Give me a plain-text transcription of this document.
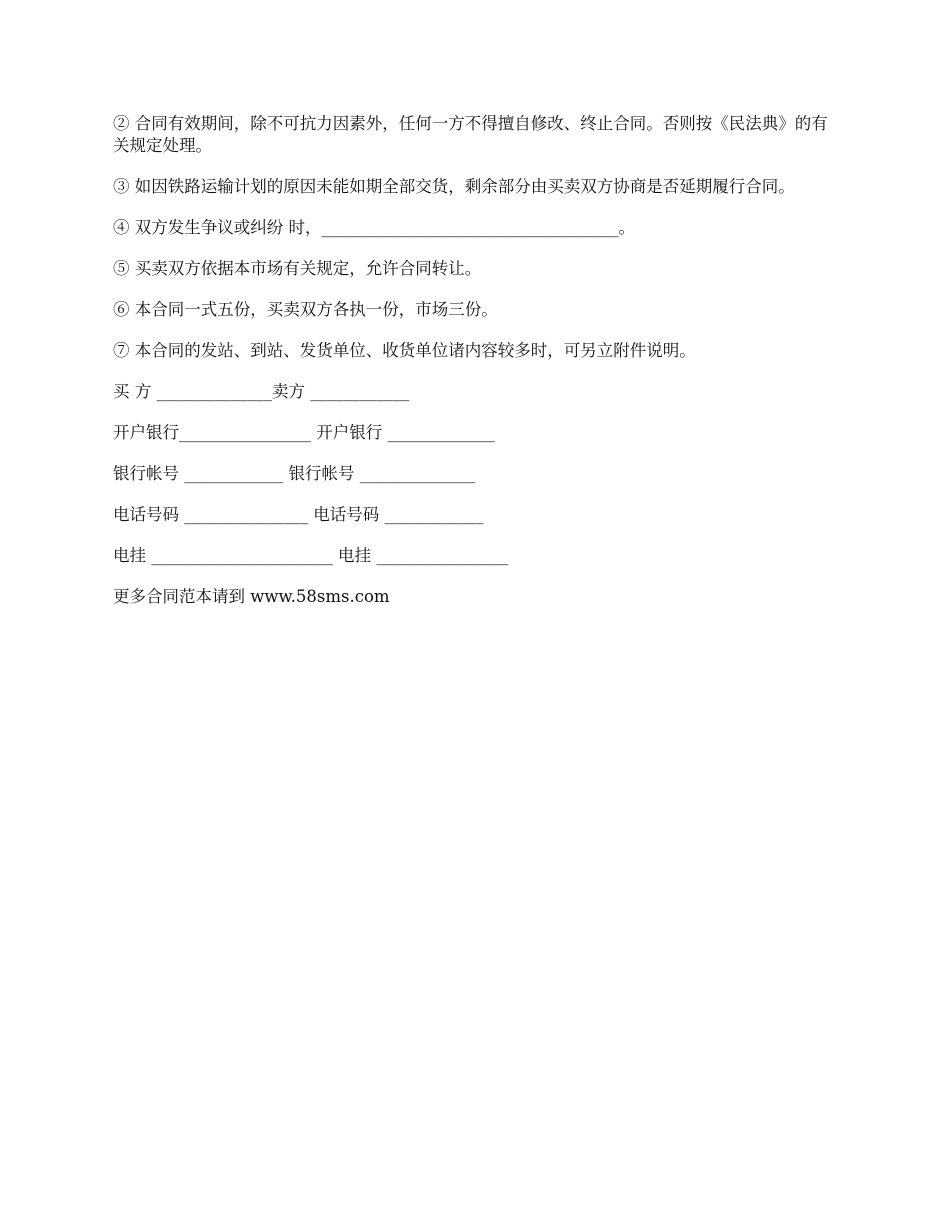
② 合同有效期间，除不可抗力因素外，任何一方不得擅自修改、终止合同。否则按《民法典》的有关规定处理。

③ 如因铁路运输计划的原因未能如期全部交货，剩余部分由买卖双方协商是否延期履行合同。

④ 双方发生争议或纠纷 时，____________________________________。

⑤ 买卖双方依据本市场有关规定，允许合同转让。

⑥ 本合同一式五份，买卖双方各执一份，市场三份。

⑦ 本合同的发站、到站、发货单位、收货单位诸内容较多时，可另立附件说明。

买 方 ______________卖方 ____________
开户银行________________ 开户银行 _____________
银行帐号 ____________ 银行帐号 ______________
电话号码 _______________ 电话号码 ____________
电挂 ______________________ 电挂 ________________
更多合同范本请到 www.58sms.com
